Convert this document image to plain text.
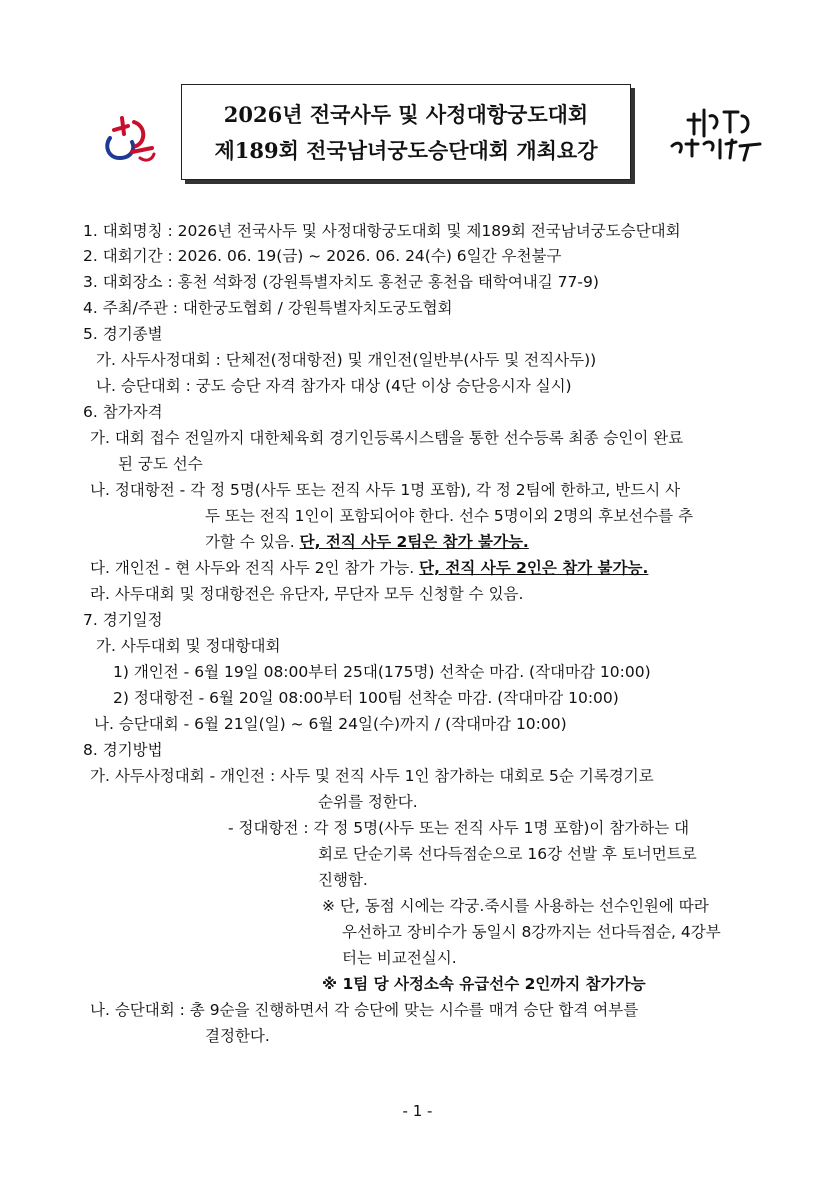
2026년 전국사두 및 사정대항궁도대회
제189회 전국남녀궁도승단대회 개최요강
1. 대회명칭 : 2026년 전국사두 및 사정대항궁도대회 및 제189회 전국남녀궁도승단대회
2. 대회기간 : 2026. 06. 19(금) ~ 2026. 06. 24(수) 6일간 우천불구
3. 대회장소 : 홍천 석화정 (강원특별자치도 홍천군 홍천읍 태학여내길 77-9)
4. 주최/주관 : 대한궁도협회 / 강원특별자치도궁도협회
5. 경기종별
가. 사두사정대회 : 단체전(정대항전) 및 개인전(일반부(사두 및 전직사두))
나. 승단대회 : 궁도 승단 자격 참가자 대상 (4단 이상 승단응시자 실시)
6. 참가자격
가. 대회 접수 전일까지 대한체육회 경기인등록시스템을 통한 선수등록 최종 승인이 완료
된 궁도 선수
나. 정대항전 - 각 정 5명(사두 또는 전직 사두 1명 포함), 각 정 2팀에 한하고, 반드시 사
두 또는 전직 1인이 포함되어야 한다. 선수 5명이외 2명의 후보선수를 추
가할 수 있음. 단, 전직 사두 2팀은 참가 불가능.
다. 개인전 - 현 사두와 전직 사두 2인 참가 가능. 단, 전직 사두 2인은 참가 불가능.
라. 사두대회 및 정대항전은 유단자, 무단자 모두 신청할 수 있음.
7. 경기일정
가. 사두대회 및 정대항대회
1) 개인전 - 6월 19일 08:00부터 25대(175명) 선착순 마감. (작대마감 10:00)
2) 정대항전 - 6월 20일 08:00부터 100팀 선착순 마감. (작대마감 10:00)
나. 승단대회 - 6월 21일(일) ~ 6월 24일(수)까지 / (작대마감 10:00)
8. 경기방법
가. 사두사정대회 - 개인전 : 사두 및 전직 사두 1인 참가하는 대회로 5순 기록경기로
순위를 정한다.
- 정대항전 : 각 정 5명(사두 또는 전직 사두 1명 포함)이 참가하는 대
회로 단순기록 선다득점순으로 16강 선발 후 토너먼트로
진행함.
※ 단, 동점 시에는 각궁.죽시를 사용하는 선수인원에 따라
우선하고 장비수가 동일시 8강까지는 선다득점순, 4강부
터는 비교전실시.
※ 1팀 당 사정소속 유급선수 2인까지 참가가능
나. 승단대회 : 총 9순을 진행하면서 각 승단에 맞는 시수를 매겨 승단 합격 여부를
결정한다.
- 1 -
